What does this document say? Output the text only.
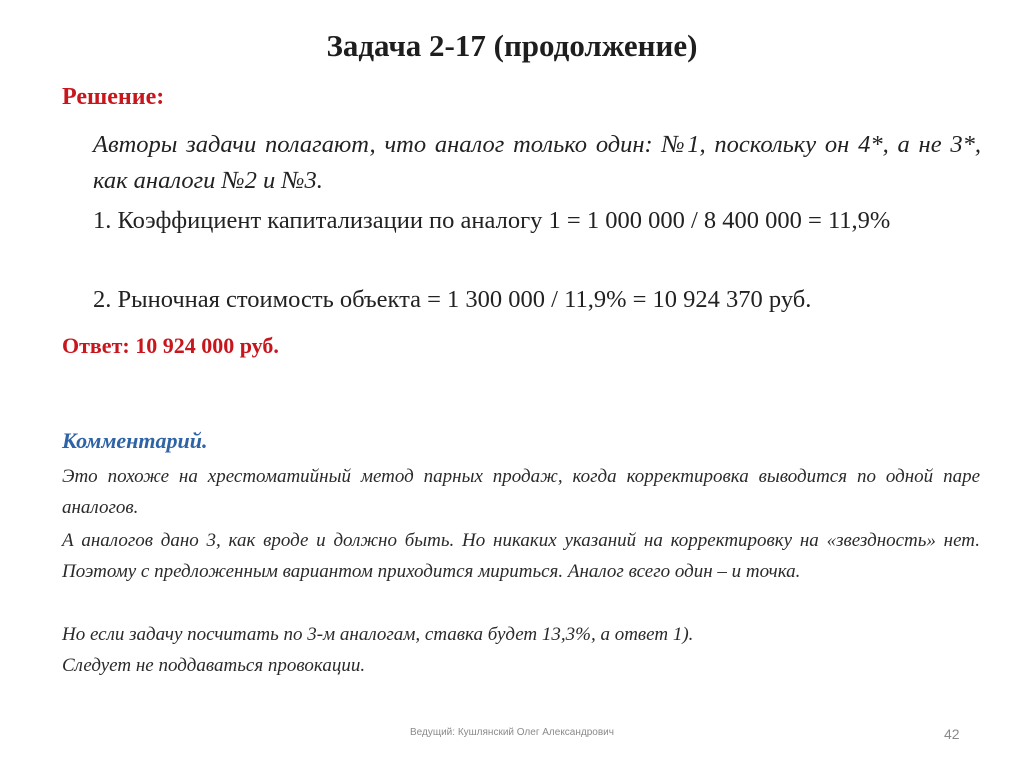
Задача 2-17 (продолжение)
Решение:
Авторы задачи полагают, что аналог только один: №1, поскольку он 4*, а не 3*, как аналоги №2 и №3.
1. Коэффициент капитализации по аналогу 1 = 1 000 000 / 8 400 000 = 11,9%
2. Рыночная стоимость объекта = 1 300 000 / 11,9% = 10 924 370 руб.
Ответ: 10 924 000 руб.
Комментарий.
Это похоже на хрестоматийный метод парных продаж, когда корректировка выводится по одной паре аналогов.
А аналогов дано 3, как вроде и должно быть. Но никаких указаний на корректировку на «звездность» нет. Поэтому с предложенным вариантом приходится мириться. Аналог всего один – и точка.
Но если задачу посчитать по 3-м аналогам, ставка будет 13,3%, а ответ 1).
Следует не поддаваться провокации.
Ведущий: Кушлянский Олег Александрович	42
